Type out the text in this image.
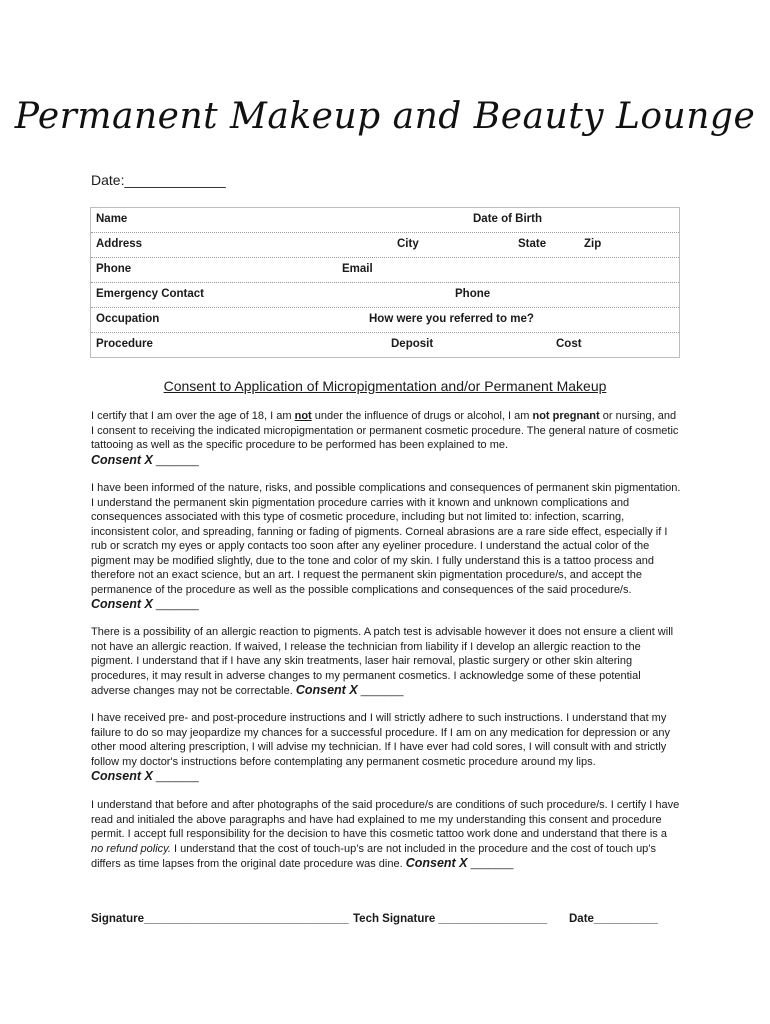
Permanent Makeup and Beauty Lounge
Date:_____________
Name	Date of Birth

Address	City	State	Zip

Phone	Email

Emergency Contact	Phone

Occupation	How were you referred to me?

Procedure	Deposit	Cost
Consent to Application of Micropigmentation and/or Permanent Makeup
I certify that I am over the age of 18, I am not under the influence of drugs or alcohol, I am not pregnant or nursing, and I consent to receiving the indicated micropigmentation or permanent cosmetic procedure. The general nature of cosmetic tattooing as well as the specific procedure to be performed has been explained to me.
Consent X _______
I have been informed of the nature, risks, and possible complications and consequences of permanent skin pigmentation. I understand the permanent skin pigmentation procedure carries with it known and unknown complications and consequences associated with this type of cosmetic procedure, including but not limited to: infection, scarring, inconsistent color, and spreading, fanning or fading of pigments. Corneal abrasions are a rare side effect, especially if I rub or scratch my eyes or apply contacts too soon after any eyeliner procedure. I understand the actual color of the pigment may be modified slightly, due to the tone and color of my skin. I fully understand this is a tattoo process and therefore not an exact science, but an art. I request the permanent skin pigmentation procedure/s, and accept the permanence of the procedure as well as the possible complications and consequences of the said procedure/s. Consent X _______
There is a possibility of an allergic reaction to pigments. A patch test is advisable however it does not ensure a client will not have an allergic reaction. If waived, I release the technician from liability if I develop an allergic reaction to the pigment. I understand that if I have any skin treatments, laser hair removal, plastic surgery or other skin altering procedures, it may result in adverse changes to my permanent cosmetics. I acknowledge some of these potential adverse changes may not be correctable. Consent X _______
I have received pre- and post-procedure instructions and I will strictly adhere to such instructions. I understand that my failure to do so may jeopardize my chances for a successful procedure. If I am on any medication for depression or any other mood altering prescription, I will advise my technician. If I have ever had cold sores, I will consult with and strictly follow my doctor's instructions before contemplating any permanent cosmetic procedure around my lips.
Consent X _______
I understand that before and after photographs of the said procedure/s are conditions of such procedure/s. I certify I have read and initialed the above paragraphs and have had explained to me my understanding this consent and procedure permit. I accept full responsibility for the decision to have this cosmetic tattoo work done and understand that there is a no refund policy. I understand that the cost of touch-up’s are not included in the procedure and the cost of touch up’s differs as time lapses from the original date procedure was dine. Consent X _______
Signature________________________________ Tech Signature _________________ Date__________
